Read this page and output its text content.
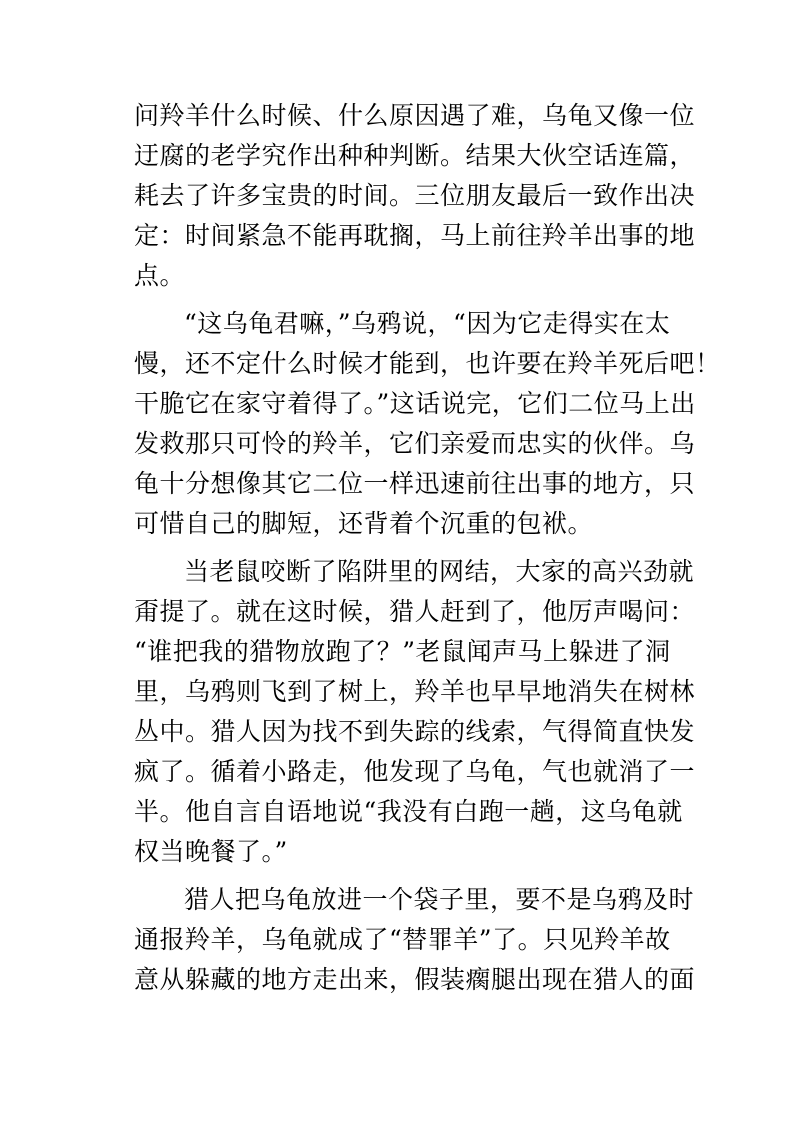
问羚羊什么时候、什么原因遇了难，乌龟又像一位
迂腐的老学究作出种种判断。结果大伙空话连篇，
耗去了许多宝贵的时间。三位朋友最后一致作出决
定：时间紧急不能再耽搁，马上前往羚羊出事的地
点。
“这乌龟君嘛，”乌鸦说，“因为它走得实在太
慢，还不定什么时候才能到，也许要在羚羊死后吧！
干脆它在家守着得了。”这话说完，它们二位马上出
发救那只可怜的羚羊，它们亲爱而忠实的伙伴。乌
龟十分想像其它二位一样迅速前往出事的地方，只
可惜自己的脚短，还背着个沉重的包袱。
当老鼠咬断了陷阱里的网结，大家的高兴劲就
甭提了。就在这时候，猎人赶到了，他厉声喝问：
“谁把我的猎物放跑了？”老鼠闻声马上躲进了洞
里，乌鸦则飞到了树上，羚羊也早早地消失在树林
丛中。猎人因为找不到失踪的线索，气得简直快发
疯了。循着小路走，他发现了乌龟，气也就消了一
半。他自言自语地说“我没有白跑一趟，这乌龟就
权当晚餐了。”
猎人把乌龟放进一个袋子里，要不是乌鸦及时
通报羚羊，乌龟就成了“替罪羊”了。只见羚羊故
意从躲藏的地方走出来，假装瘸腿出现在猎人的面
